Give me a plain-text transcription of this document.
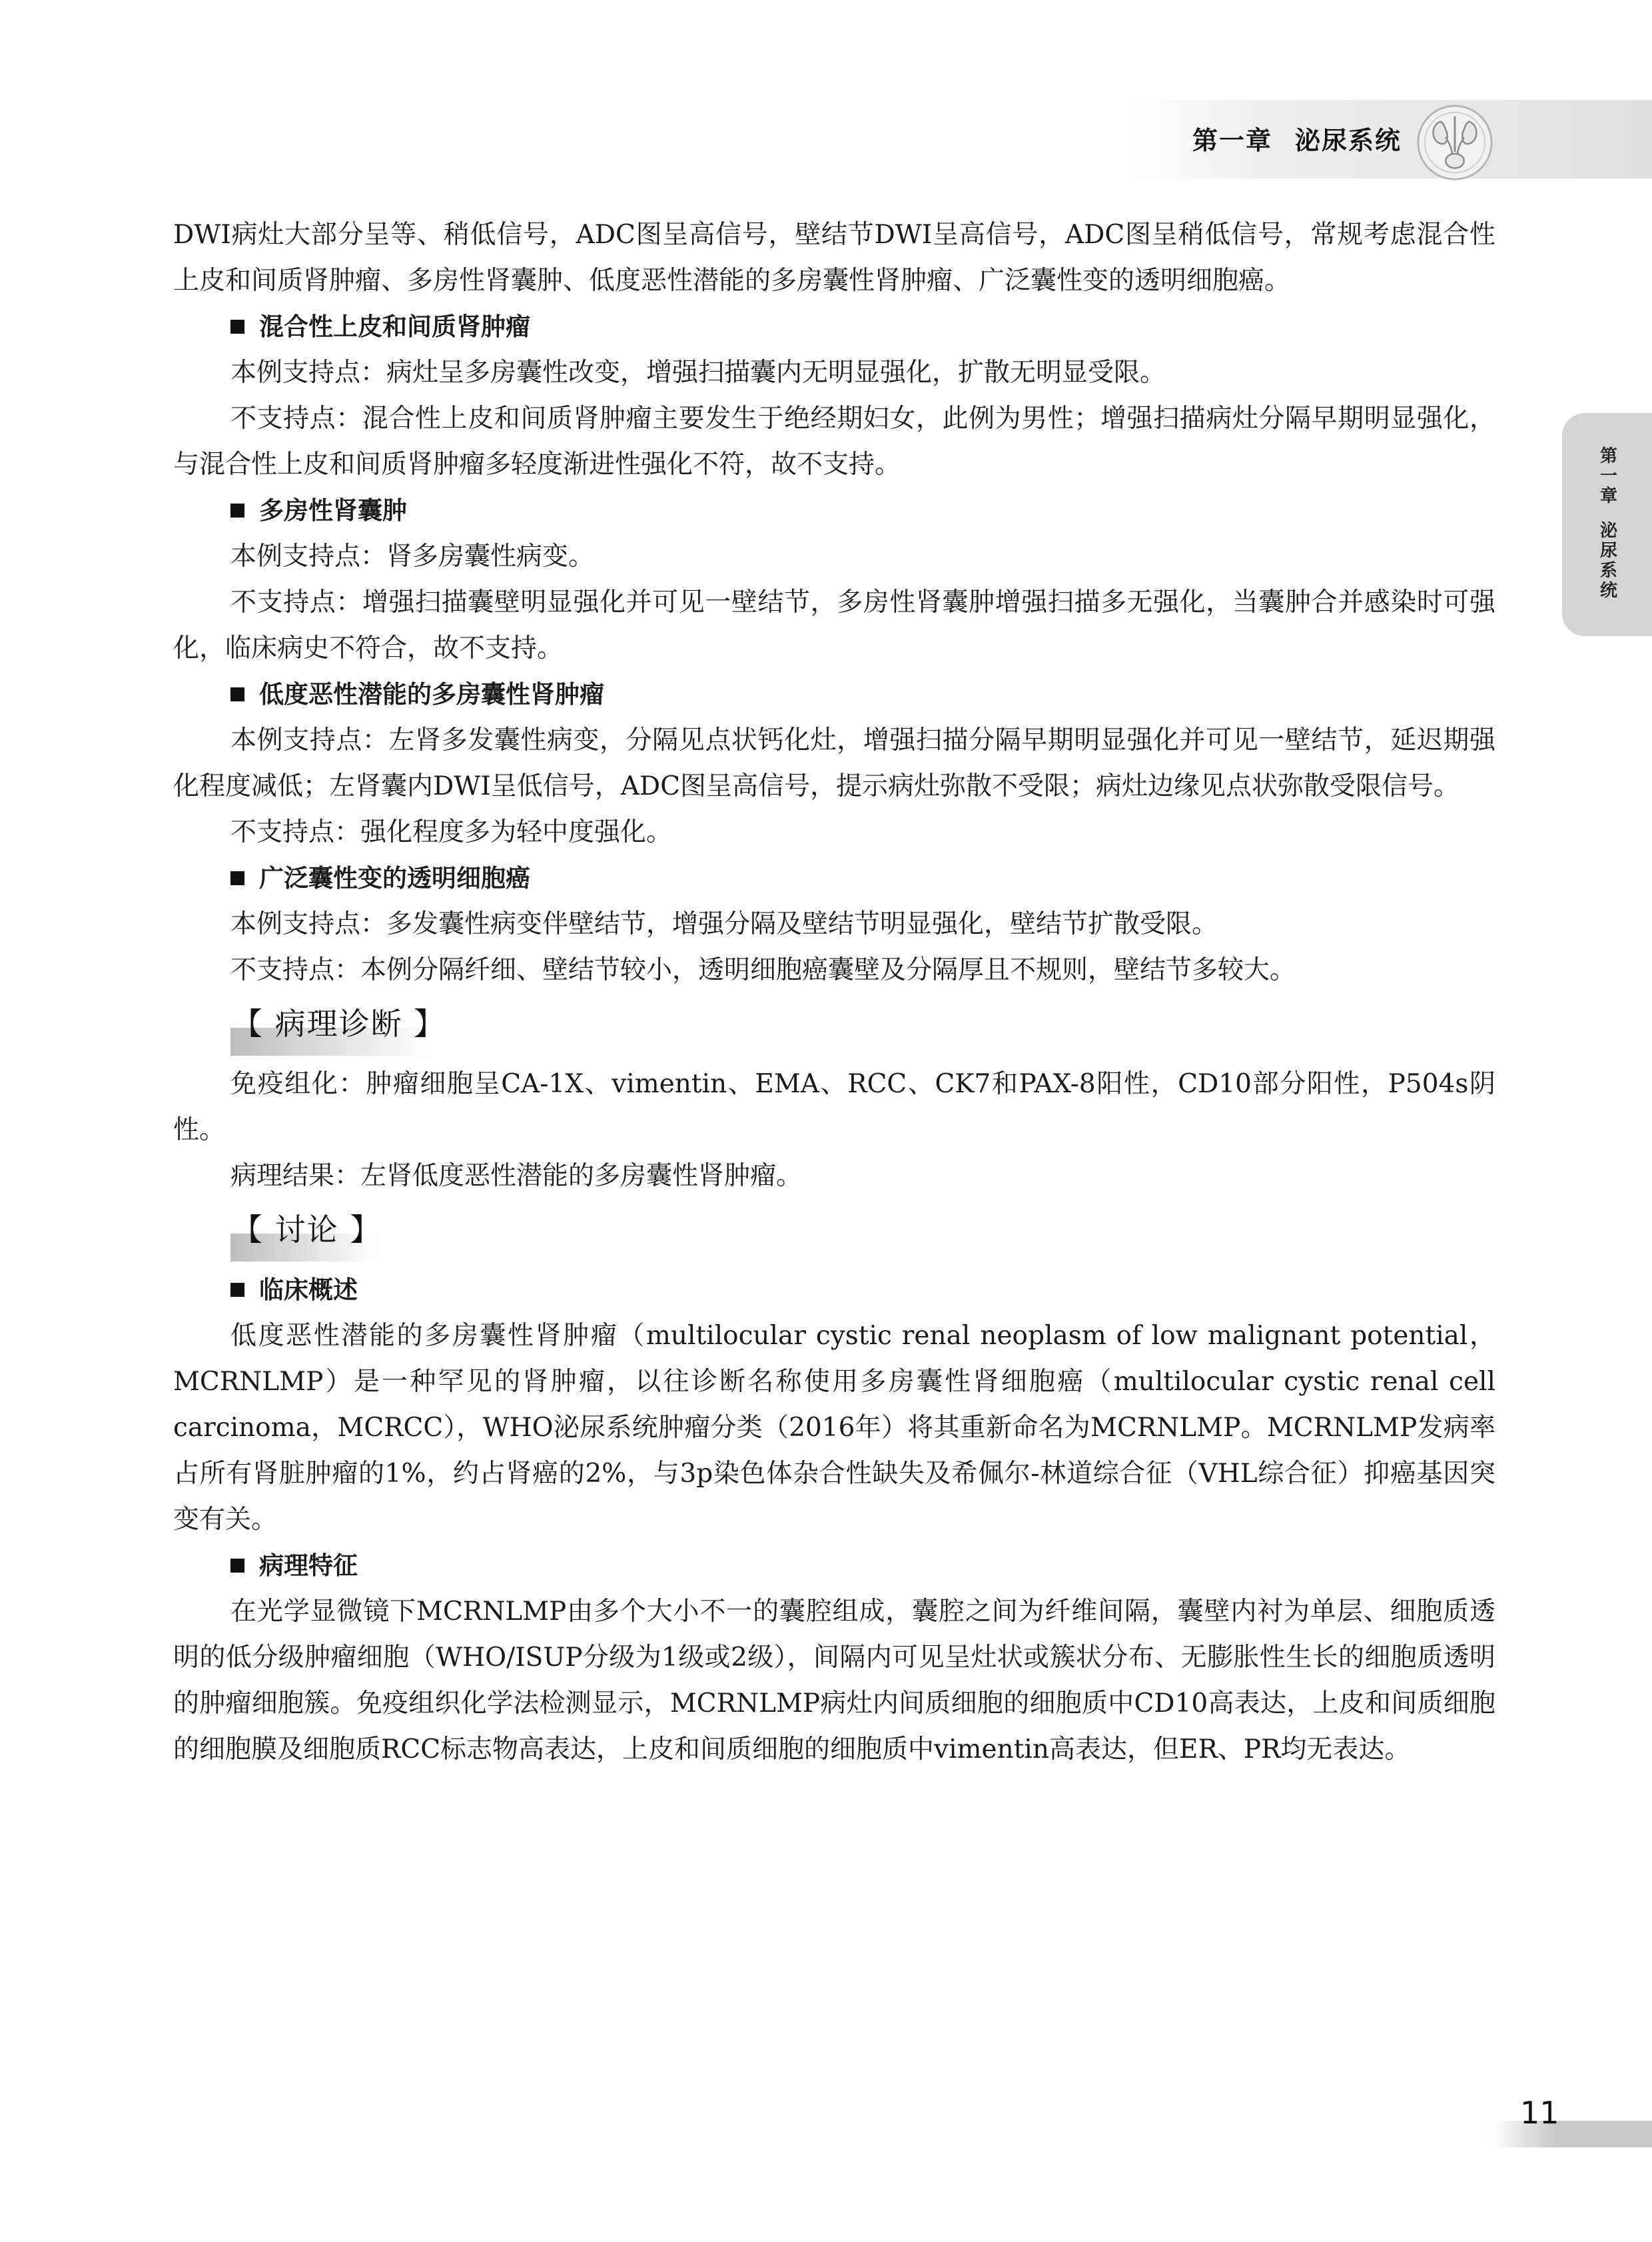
第一章 泌尿系统
第一章
泌尿系统

DWI病灶大部分呈等、稍低信号，ADC图呈高信号，壁结节DWI呈高信号，ADC图呈稍低信号，常规考虑混合性上皮和间质肾肿瘤、多房性肾囊肿、低度恶性潜能的多房囊性肾肿瘤、广泛囊性变的透明细胞癌。

混合性上皮和间质肾肿瘤

本例支持点：病灶呈多房囊性改变，增强扫描囊内无明显强化，扩散无明显受限。

不支持点：混合性上皮和间质肾肿瘤主要发生于绝经期妇女，此例为男性；增强扫描病灶分隔早期明显强化，与混合性上皮和间质肾肿瘤多轻度渐进性强化不符，故不支持。

多房性肾囊肿

本例支持点：肾多房囊性病变。

不支持点：增强扫描囊壁明显强化并可见一壁结节，多房性肾囊肿增强扫描多无强化，当囊肿合并感染时可强化，临床病史不符合，故不支持。

低度恶性潜能的多房囊性肾肿瘤

本例支持点：左肾多发囊性病变，分隔见点状钙化灶，增强扫描分隔早期明显强化并可见一壁结节，延迟期强化程度减低；左肾囊内DWI呈低信号，ADC图呈高信号，提示病灶弥散不受限；病灶边缘见点状弥散受限信号。

不支持点：强化程度多为轻中度强化。

广泛囊性变的透明细胞癌

本例支持点：多发囊性病变伴壁结节，增强分隔及壁结节明显强化，壁结节扩散受限。

不支持点：本例分隔纤细、壁结节较小，透明细胞癌囊壁及分隔厚且不规则，壁结节多较大。

【 病理诊断 】

免疫组化：肿瘤细胞呈CA-1X、vimentin、EMA、RCC、CK7和PAX-8阳性，CD10部分阳性，P504s阴性。

病理结果：左肾低度恶性潜能的多房囊性肾肿瘤。

【 讨论 】
临床概述

低度恶性潜能的多房囊性肾肿瘤（multilocular cystic renal neoplasm of low malignant potential，MCRNLMP）是一种罕见的肾肿瘤，以往诊断名称使用多房囊性肾细胞癌（multilocular cystic renal cell carcinoma，MCRCC），WHO泌尿系统肿瘤分类（2016年）将其重新命名为MCRNLMP。MCRNLMP发病率占所有肾脏肿瘤的1%，约占肾癌的2%，与3p染色体杂合性缺失及希佩尔-林道综合征（VHL综合征）抑癌基因突变有关。

病理特征

在光学显微镜下MCRNLMP由多个大小不一的囊腔组成，囊腔之间为纤维间隔，囊壁内衬为单层、细胞质透明的低分级肿瘤细胞（WHO/ISUP分级为1级或2级），间隔内可见呈灶状或簇状分布、无膨胀性生长的细胞质透明的肿瘤细胞簇。免疫组织化学法检测显示，MCRNLMP病灶内间质细胞的细胞质中CD10高表达，上皮和间质细胞的细胞膜及细胞质RCC标志物高表达，上皮和间质细胞的细胞质中vimentin高表达，但ER、PR均无表达。

11
